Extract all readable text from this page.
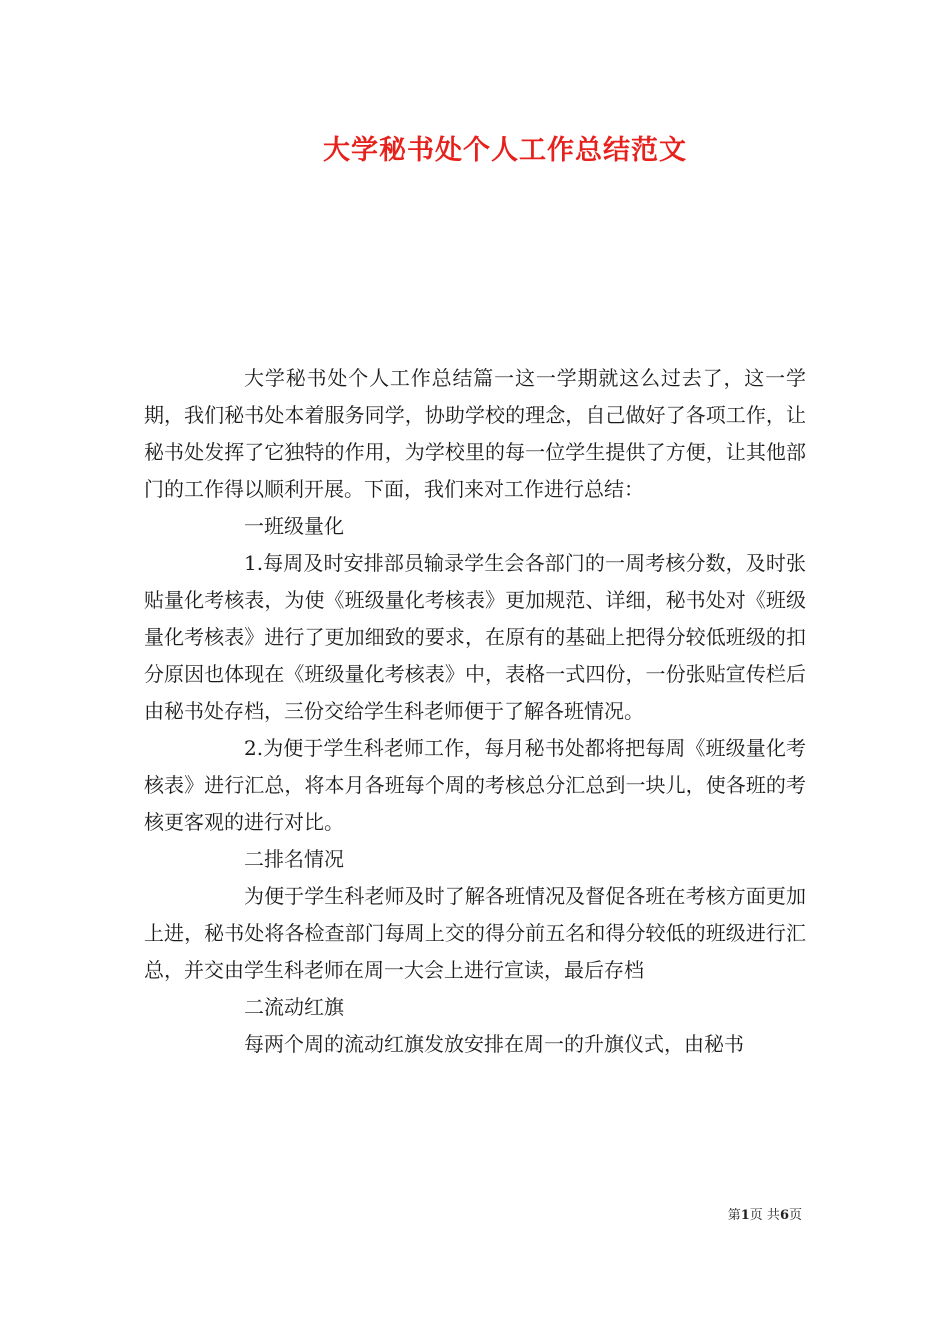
大学秘书处个人工作总结范文

大学秘书处个人工作总结篇一这一学期就这么过去了，这一学期，我们秘书处本着服务同学，协助学校的理念，自己做好了各项工作，让秘书处发挥了它独特的作用，为学校里的每一位学生提供了方便，让其他部门的工作得以顺利开展。下面，我们来对工作进行总结：

一班级量化

1.每周及时安排部员输录学生会各部门的一周考核分数，及时张贴量化考核表，为使《班级量化考核表》更加规范、详细，秘书处对《班级量化考核表》进行了更加细致的要求，在原有的基础上把得分较低班级的扣分原因也体现在《班级量化考核表》中，表格一式四份，一份张贴宣传栏后由秘书处存档，三份交给学生科老师便于了解各班情况。

2.为便于学生科老师工作，每月秘书处都将把每周《班级量化考核表》进行汇总，将本月各班每个周的考核总分汇总到一块儿，使各班的考核更客观的进行对比。

二排名情况

为便于学生科老师及时了解各班情况及督促各班在考核方面更加上进，秘书处将各检查部门每周上交的得分前五名和得分较低的班级进行汇总，并交由学生科老师在周一大会上进行宣读，最后存档

二流动红旗

每两个周的流动红旗发放安排在周一的升旗仪式，由秘书

第1页 共6页
